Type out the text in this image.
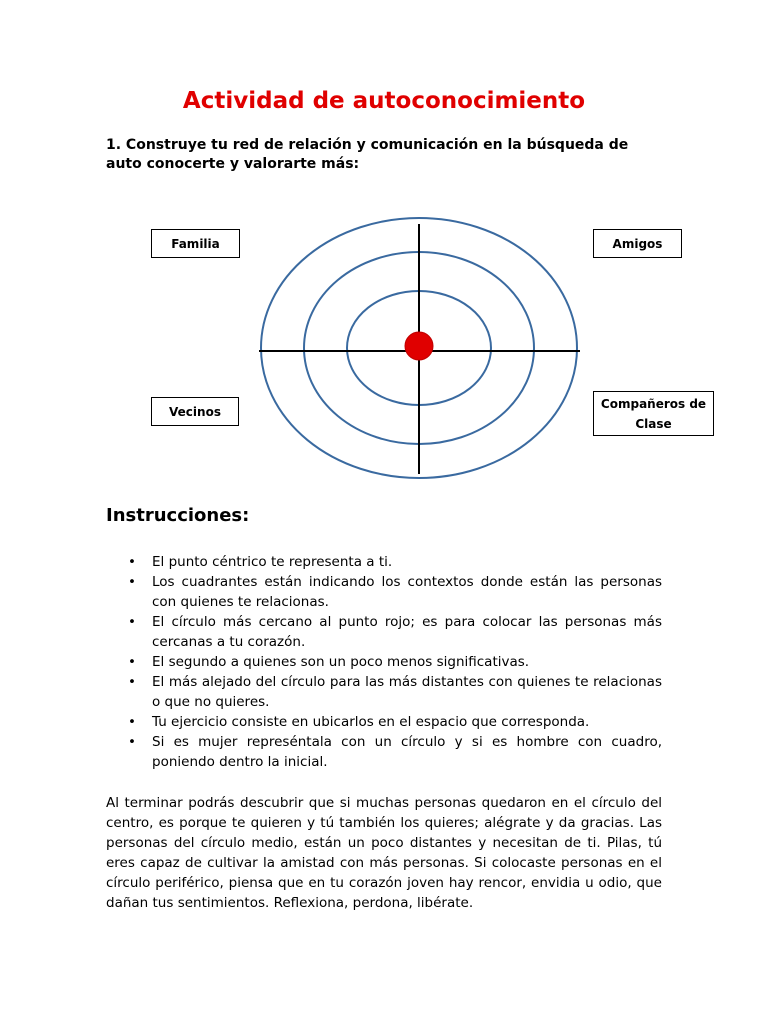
Actividad de autoconocimiento
1. Construye tu red de relación y comunicación en la búsqueda de auto conocerte y valorarte más:
Familia	Amigos
Vecinos
Compañeros de
Clase
Instrucciones:
• El punto céntrico te representa a ti.
• Los cuadrantes están indicando los contextos donde están las personas con quienes te relacionas.
• El círculo más cercano al punto rojo; es para colocar las personas más cercanas a tu corazón.
• El segundo a quienes son un poco menos significativas.
• El más alejado del círculo para las más distantes con quienes te relacionas o que no quieres.
• Tu ejercicio consiste en ubicarlos en el espacio que corresponda.
• Si es mujer represéntala con un círculo y si es hombre con cuadro, poniendo dentro la inicial.
Al terminar podrás descubrir que si muchas personas quedaron en el círculo del centro, es porque te quieren y tú también los quieres; alégrate y da gracias. Las personas del círculo medio, están un poco distantes y necesitan de ti. Pilas, tú eres capaz de cultivar la amistad con más personas. Si colocaste personas en el círculo periférico, piensa que en tu corazón joven hay rencor, envidia u odio, que dañan tus sentimientos. Reflexiona, perdona, libérate.
